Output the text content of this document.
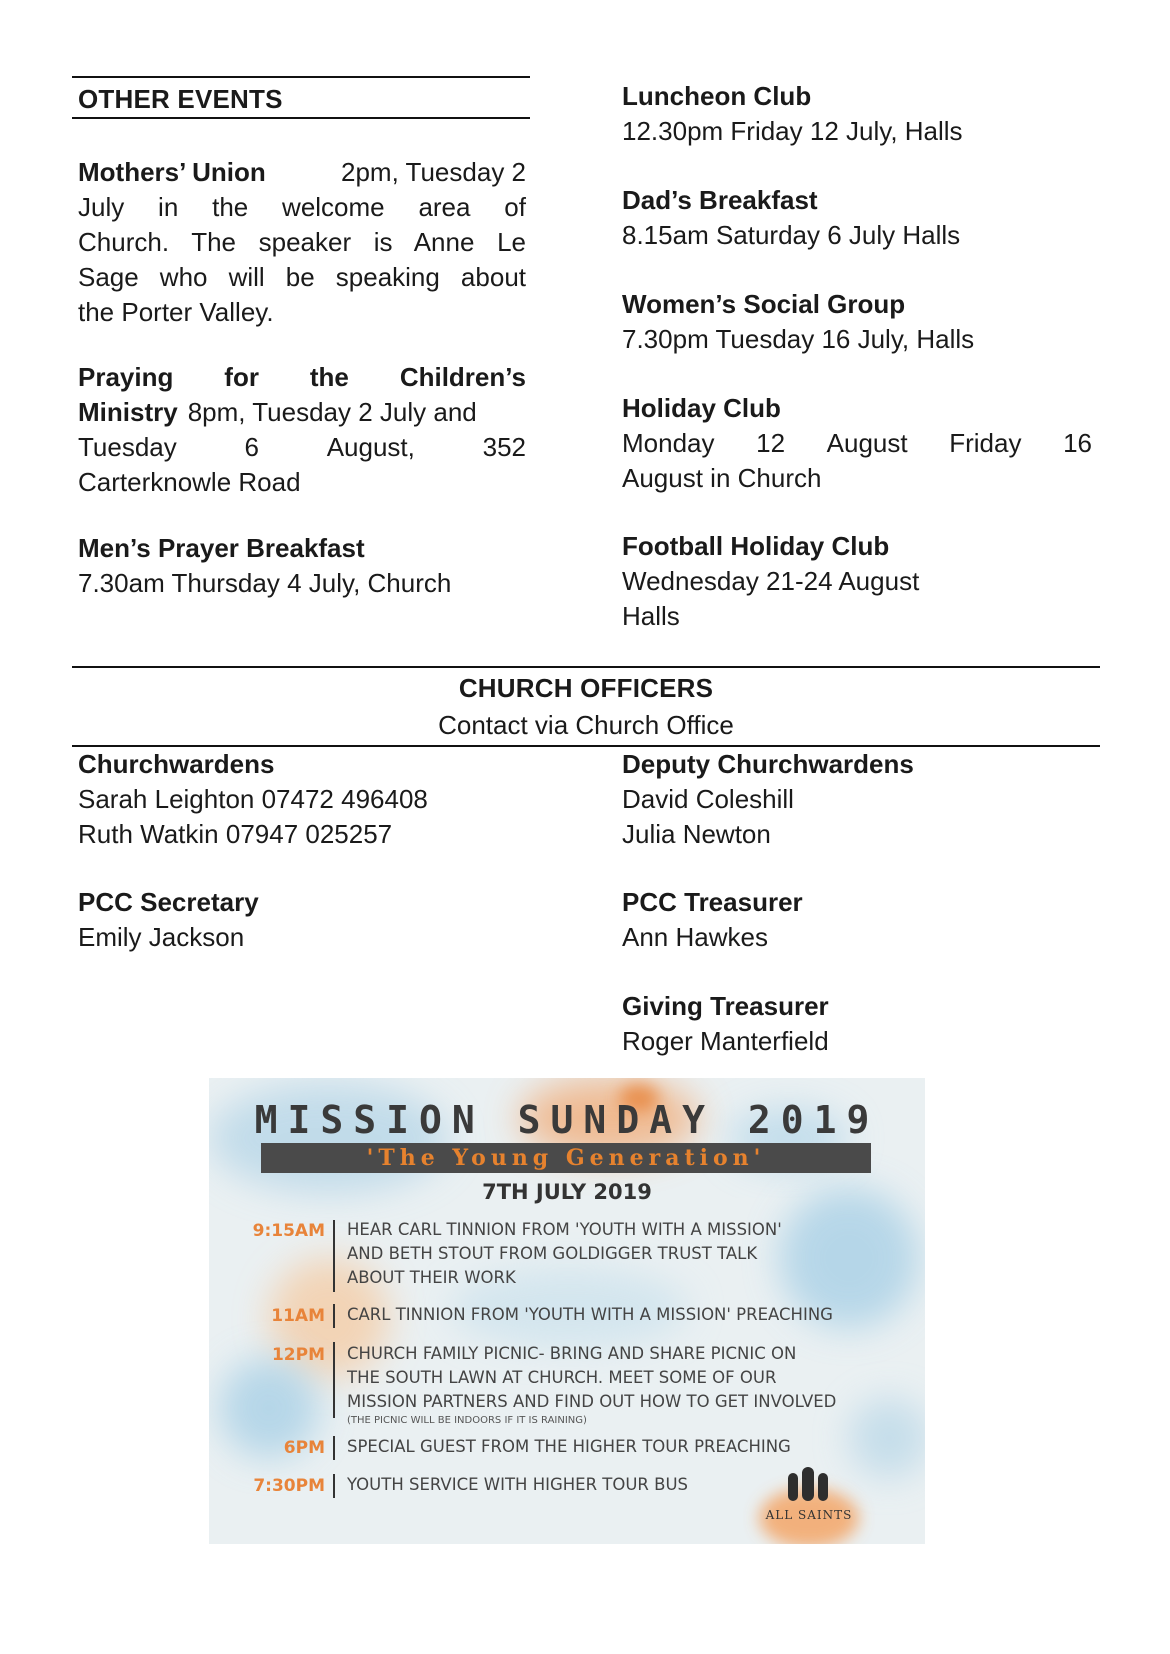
OTHER EVENTS
Mothers’ Union	2pm, Tuesday 2
July in the welcome area of
Church. The speaker is Anne Le
Sage who will be speaking about
the Porter Valley.
Praying for the Children’s
Ministry 8pm, Tuesday 2 July and
Tuesday	6	August,	352
Carterknowle Road
Men’s Prayer Breakfast
7.30am Thursday 4 July, Church
Luncheon Club
12.30pm Friday 12 July, Halls
Dad’s Breakfast
8.15am Saturday 6 July Halls
Women’s Social Group
7.30pm Tuesday 16 July, Halls
Holiday Club
Monday 12 August Friday 16
August in Church
Football Holiday Club
Wednesday 21-24 August
Halls
CHURCH OFFICERS
Contact via Church Office
Churchwardens
Sarah Leighton 07472 496408
Ruth Watkin 07947 025257
Deputy Churchwardens
David Coleshill
Julia Newton
PCC Secretary
Emily Jackson
PCC Treasurer
Ann Hawkes
Giving Treasurer
Roger Manterfield
MISSION SUNDAY 2019
'The Young Generation'
7TH JULY 2019
9:15AM HEAR CARL TINNION FROM 'YOUTH WITH A MISSION'
AND BETH STOUT FROM GOLDIGGER TRUST TALK
ABOUT THEIR WORK
11AM CARL TINNION FROM 'YOUTH WITH A MISSION' PREACHING
12PM CHURCH FAMILY PICNIC- BRING AND SHARE PICNIC ON
THE SOUTH LAWN AT CHURCH. MEET SOME OF OUR
MISSION PARTNERS AND FIND OUT HOW TO GET INVOLVED
(THE PICNIC WILL BE INDOORS IF IT IS RAINING)
6PM SPECIAL GUEST FROM THE HIGHER TOUR PREACHING
7:30PM YOUTH SERVICE WITH HIGHER TOUR BUS
ALL SAINTS
